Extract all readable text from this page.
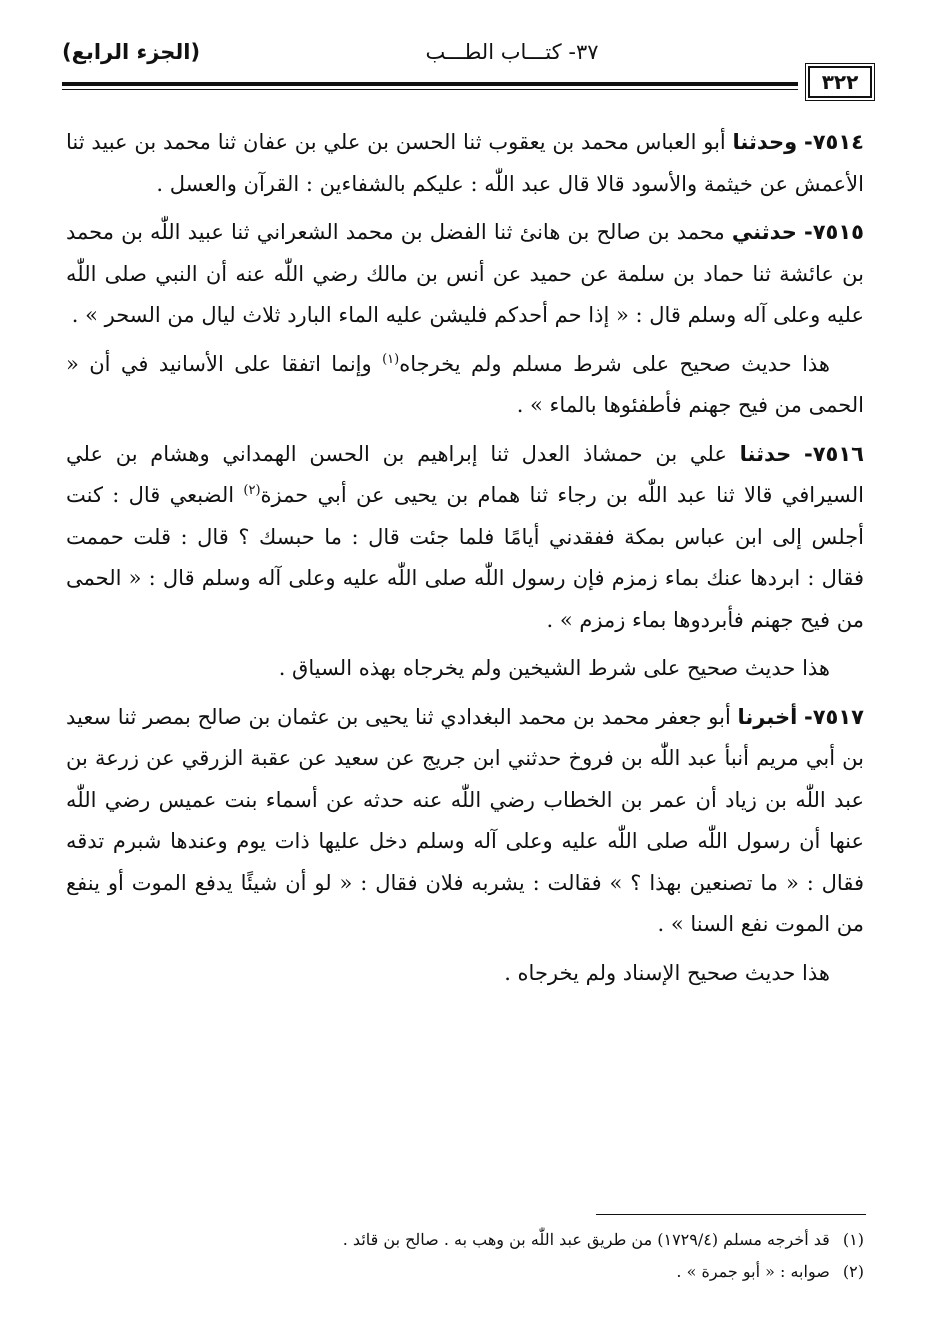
(الجزء الرابع)	٣٧- كتـــاب الطـــب
٣٢٢

٧٥١٤- وحدثنا أبو العباس محمد بن يعقوب ثنا الحسن بن علي بن عفان ثنا محمد بن عبيد ثنا الأعمش عن خيثمة والأسود قالا قال عبد اللّٰه : عليكم بالشفاءين : القرآن والعسل .

٧٥١٥- حدثني محمد بن صالح بن هانئ ثنا الفضل بن محمد الشعراني ثنا عبيد اللّٰه بن محمد بن عائشة ثنا حماد بن سلمة عن حميد عن أنس بن مالك رضي اللّٰه عنه أن النبي صلى اللّٰه عليه وعلى آله وسلم قال : « إذا حم أحدكم فليشن عليه الماء البارد ثلاث ليال من السحر » .

هذا حديث صحيح على شرط مسلم ولم يخرجاه$^{(١)}$ وإنما اتفقا على الأسانيد في أن « الحمى من فيح جهنم فأطفئوها بالماء » .

٧٥١٦- حدثنا علي بن حمشاذ العدل ثنا إبراهيم بن الحسن الهمداني وهشام بن علي السيرافي قالا ثنا عبد اللّٰه بن رجاء ثنا همام بن يحيى عن أبي حمزة$^{(٢)}$ الضبعي قال : كنت أجلس إلى ابن عباس بمكة ففقدني أيامًا فلما جئت قال : ما حبسك ؟ قال : قلت حممت فقال : ابردها عنك بماء زمزم فإن رسول اللّٰه صلى اللّٰه عليه وعلى آله وسلم قال : « الحمى من فيح جهنم فأبردوها بماء زمزم » .

هذا حديث صحيح على شرط الشيخين ولم يخرجاه بهذه السياق .

٧٥١٧- أخبرنا أبو جعفر محمد بن محمد البغدادي ثنا يحيى بن عثمان بن صالح بمصر ثنا سعيد بن أبي مريم أنبأ عبد اللّٰه بن فروخ حدثني ابن جريج عن سعيد عن عقبة الزرقي عن زرعة بن عبد اللّٰه بن زياد أن عمر بن الخطاب رضي اللّٰه عنه حدثه عن أسماء بنت عميس رضي اللّٰه عنها أن رسول اللّٰه صلى اللّٰه عليه وعلى آله وسلم دخل عليها ذات يوم وعندها شبرم تدقه فقال : « ما تصنعين بهذا ؟ » فقالت : يشربه فلان فقال : « لو أن شيئًا يدفع الموت أو ينفع من الموت نفع السنا » .

هذا حديث صحيح الإسناد ولم يخرجاه .

(١) قد أخرجه مسلم (١٧٢٩/٤) من طريق عبد اللّٰه بن وهب به . صالح بن قائد .

(٢) صوابه : « أبو جمرة » .
